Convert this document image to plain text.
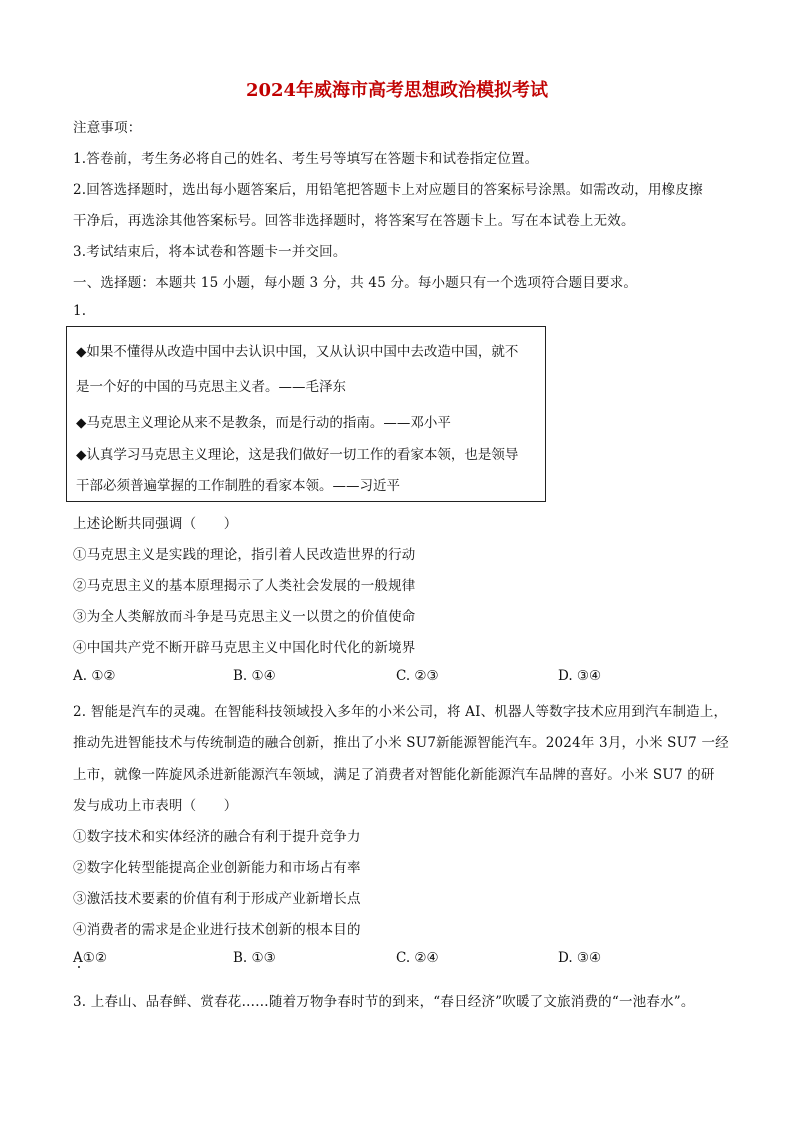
2024年威海市高考思想政治模拟考试
注意事项：
1.答卷前，考生务必将自己的姓名、考生号等填写在答题卡和试卷指定位置。
2.回答选择题时，选出每小题答案后，用铅笔把答题卡上对应题目的答案标号涂黑。如需改动，用橡皮擦
干净后，再选涂其他答案标号。回答非选择题时，将答案写在答题卡上。写在本试卷上无效。
3.考试结束后，将本试卷和答题卡一并交回。
一、选择题：本题共 15 小题，每小题 3 分，共 45 分。每小题只有一个选项符合题目要求。
1.
◆如果不懂得从改造中国中去认识中国，又从认识中国中去改造中国，就不
是一个好的中国的马克思主义者。——毛泽东
◆马克思主义理论从来不是教条，而是行动的指南。——邓小平
◆认真学习马克思主义理论，这是我们做好一切工作的看家本领，也是领导
干部必须普遍掌握的工作制胜的看家本领。——习近平
上述论断共同强调（　　）
①马克思主义是实践的理论，指引着人民改造世界的行动
②马克思主义的基本原理揭示了人类社会发展的一般规律
③为全人类解放而斗争是马克思主义一以贯之的价值使命
④中国共产党不断开辟马克思主义中国化时代化的新境界
A. ①②	B. ①④	C. ②③	D. ③④
2. 智能是汽车的灵魂。在智能科技领域投入多年的小米公司，将 AI、机器人等数字技术应用到汽车制造上，
推动先进智能技术与传统制造的融合创新，推出了小米 SU7新能源智能汽车。2024年 3月，小米 SU7 一经
上市，就像一阵旋风杀进新能源汽车领域，满足了消费者对智能化新能源汽车品牌的喜好。小米 SU7 的研
发与成功上市表明（　　）
①数字技术和实体经济的融合有利于提升竞争力
②数字化转型能提高企业创新能力和市场占有率
③激活技术要素的价值有利于形成产业新增长点
④消费者的需求是企业进行技术创新的根本目的
A①②	B. ①③	C. ②④	D. ③④
3. 上春山、品春鲜、赏春花……随着万物争春时节的到来，“春日经济”吹暖了文旅消费的“一池春水”。
